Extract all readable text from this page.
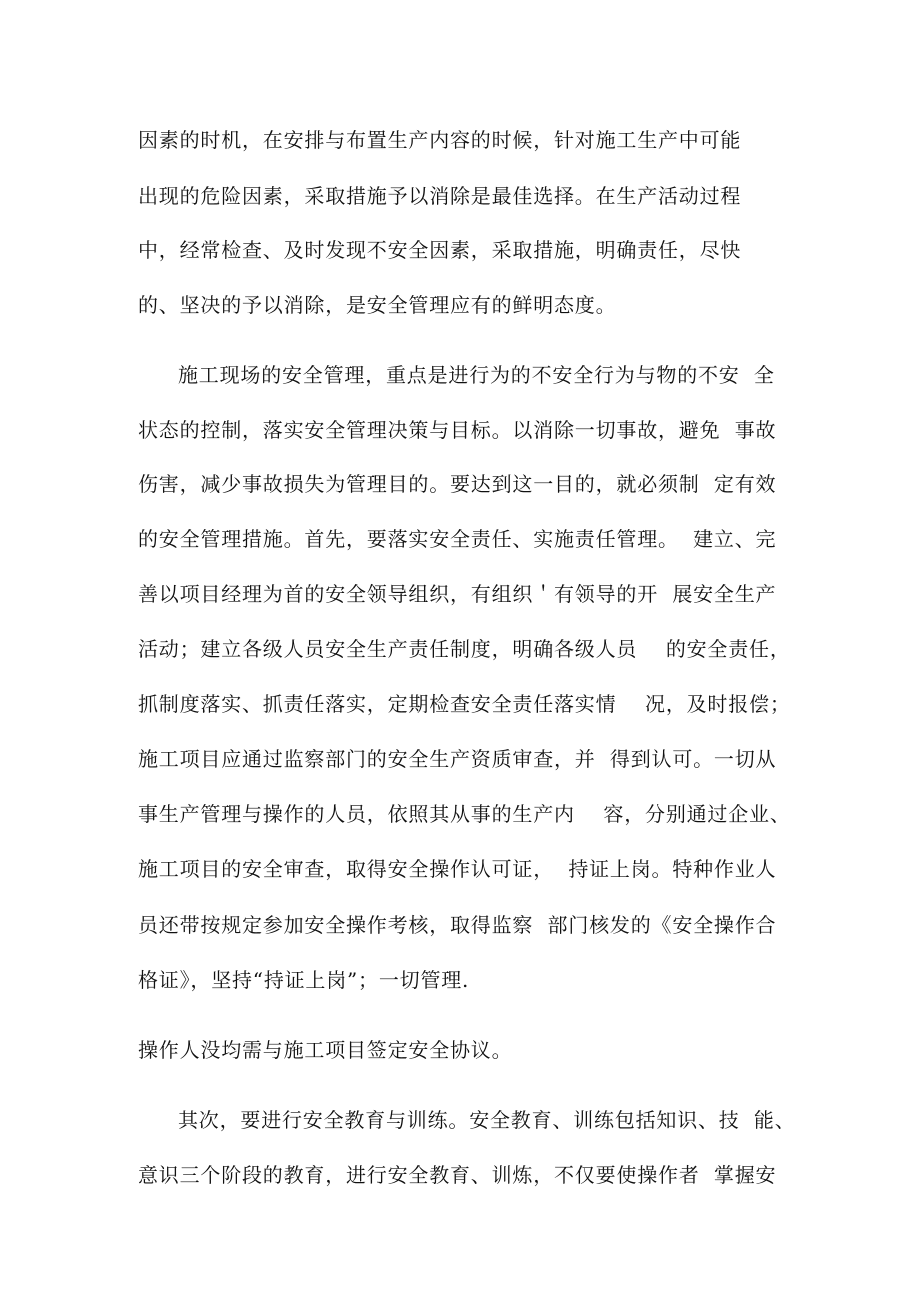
因素的时机，在安排与布置生产内容的时候，针对施工生产中可能

出现的危险因素，采取措施予以消除是最佳选择。在生产活动过程

中，经常检查、及时发现不安全因素，采取措施，明确责任，尽快

的、坚决的予以消除，是安全管理应有的鲜明态度。

施工现场的安全管理，重点是进行为的不安全行为与物的不安  全

状态的控制，落实安全管理决策与目标。以消除一切事故，避免  事故

伤害，减少事故损失为管理目的。要达到这一目的，就必须制  定有效

的安全管理措施。首先，要落实安全责任、实施责任管理。  建立、完

善以项目经理为首的安全领导组织，有组织＇有领导的开  展安全生产

活动；建立各级人员安全生产责任制度，明确各级人员    的安全责任，

抓制度落实、抓责任落实，定期检查安全责任落实情    况，及时报偿；

施工项目应通过监察部门的安全生产资质审查，并  得到认可。一切从

事生产管理与操作的人员，依照其从事的生产内    容，分别通过企业、

施工项目的安全审查，取得安全操作认可证，  持证上岗。特种作业人

员还带按规定参加安全操作考核，取得监察  部门核发的《安全操作合

格证》，坚持“持证上岗”；一切管理.

操作人没均需与施工项目签定安全协议。

其次，要进行安全教育与训练。安全教育、训练包括知识、技  能、

意识三个阶段的教育，进行安全教育、训炼，不仅要使操作者  掌握安
